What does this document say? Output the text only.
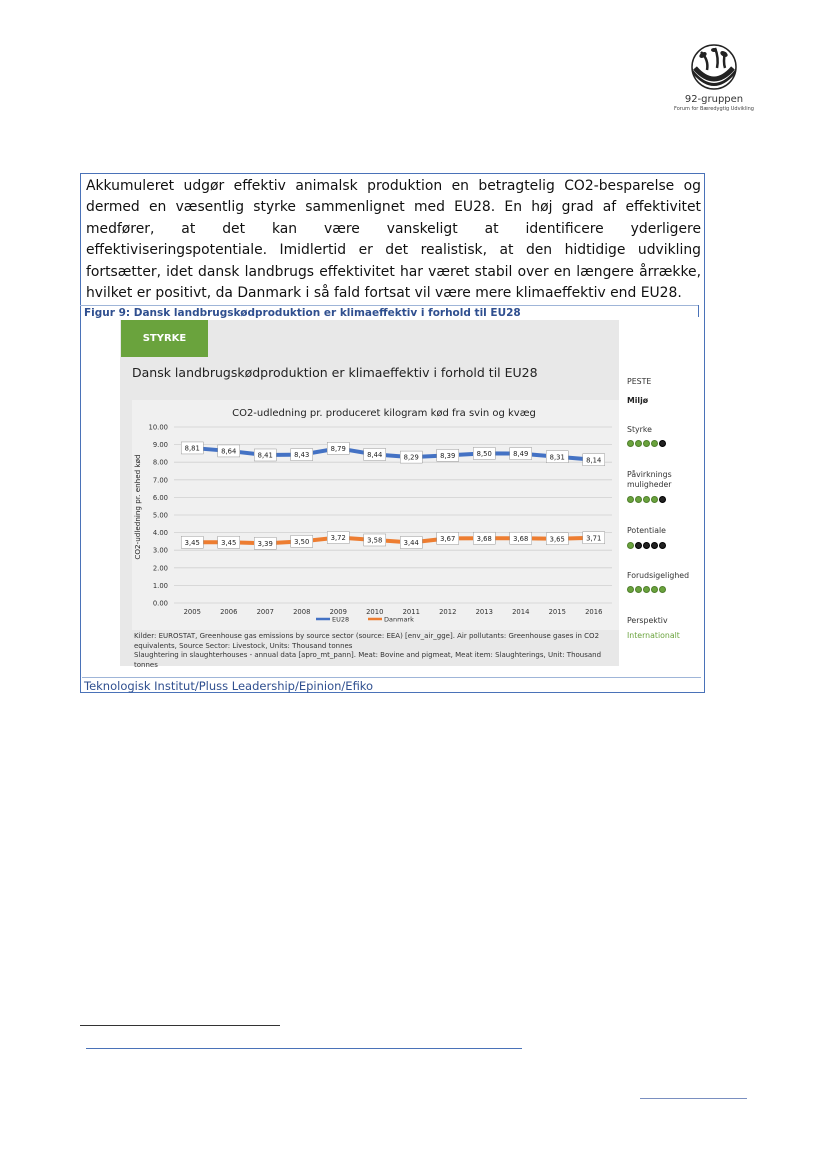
92-gruppen
Forum for Bæredygtig Udvikling
Akkumuleret udgør effektiv animalsk produktion en betragtelig CO2-besparelse og dermed en væsentlig styrke sammenlignet med EU28. En høj grad af effektivitet medfører, at det kan være vanskeligt at identificere yderligere effektiviseringspotentiale. Imidlertid er det realistisk, at den hidtidige udvikling fortsætter, idet dansk landbrugs effektivitet har været stabil over en længere årrække, hvilket er positivt, da Danmark i så fald fortsat vil være mere klimaeffektiv end EU28.
Figur 9: Dansk landbrugskødproduktion er klimaeffektiv i forhold til EU28
STYRKE
Dansk landbrugskødproduktion er klimaeffektiv i forhold til EU28
0.00
1.00
2.00
3.00
4.00
5.00
6.00
7.00
8.00
9.00
10.00
2005	2006	2007	2008	2009	2010	2011	2012	2013	2014	2015	2016
CO2-udledning pr. produceret kilogram kød fra svin og kvæg
CO2-udledning pr. enhed kød
8,81	8,64
8,41	8,43
8,79
8,44	8,29	8,39	8,50	8,49	8,31	8,14
3,45	3,45	3,39	3,50	3,72	3,58	3,44
3,67	3,68	3,68	3,65	3,71
EU28	Danmark
Kilder: EUROSTAT, Greenhouse gas emissions by source sector (source: EEA) [env_air_gge]. Air pollutants: Greenhouse gases in CO2
equivalents, Source Sector: Livestock, Units: Thousand tonnes
Slaughtering in slaughterhouses - annual data [apro_mt_pann]. Meat: Bovine and pigmeat, Meat item: Slaughterings, Unit: Thousand tonnes
PESTE
Miljø
Styrke
Påvirknings
muligheder
Potentiale
Forudsigelighed
Perspektiv
Internationalt
Teknologisk Institut/Pluss Leadership/Epinion/Efiko
